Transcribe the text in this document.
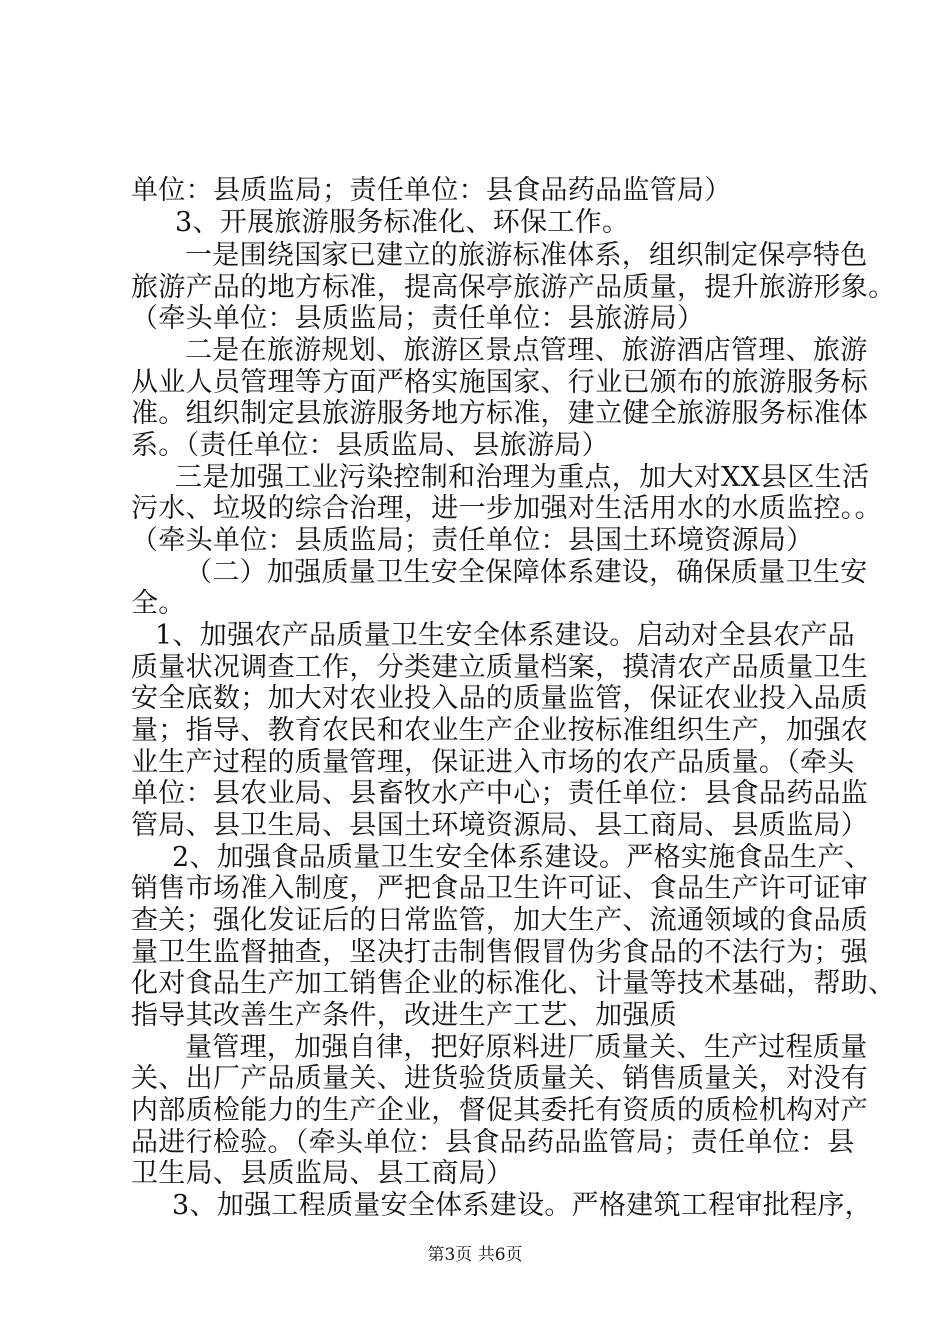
单位：县质监局；责任单位：县食品药品监管局）
3、开展旅游服务标准化、环保工作。
一是围绕国家已建立的旅游标准体系，组织制定保亭特色
旅游产品的地方标准，提高保亭旅游产品质量，提升旅游形象。
（牵头单位：县质监局；责任单位：县旅游局）
二是在旅游规划、旅游区景点管理、旅游酒店管理、旅游
从业人员管理等方面严格实施国家、行业已颁布的旅游服务标
准。组织制定县旅游服务地方标准，建立健全旅游服务标准体
系。（责任单位：县质监局、县旅游局）
三是加强工业污染控制和治理为重点，加大对XX县区生活
污水、垃圾的综合治理，进一步加强对生活用水的水质监控。。
（牵头单位：县质监局；责任单位：县国土环境资源局）
（二）加强质量卫生安全保障体系建设，确保质量卫生安
全。
1、加强农产品质量卫生安全体系建设。启动对全县农产品
质量状况调查工作，分类建立质量档案，摸清农产品质量卫生
安全底数；加大对农业投入品的质量监管，保证农业投入品质
量；指导、教育农民和农业生产企业按标准组织生产，加强农
业生产过程的质量管理，保证进入市场的农产品质量。（牵头
单位：县农业局、县畜牧水产中心；责任单位：县食品药品监
管局、县卫生局、县国土环境资源局、县工商局、县质监局）
2、加强食品质量卫生安全体系建设。严格实施食品生产、
销售市场准入制度，严把食品卫生许可证、食品生产许可证审
查关；强化发证后的日常监管，加大生产、流通领域的食品质
量卫生监督抽查，坚决打击制售假冒伪劣食品的不法行为；强
化对食品生产加工销售企业的标准化、计量等技术基础，帮助、
指导其改善生产条件，改进生产工艺、加强质
量管理，加强自律，把好原料进厂质量关、生产过程质量
关、出厂产品质量关、进货验货质量关、销售质量关，对没有
内部质检能力的生产企业，督促其委托有资质的质检机构对产
品进行检验。（牵头单位：县食品药品监管局；责任单位：县
卫生局、县质监局、县工商局）
3、加强工程质量安全体系建设。严格建筑工程审批程序，
第3页 共6页
